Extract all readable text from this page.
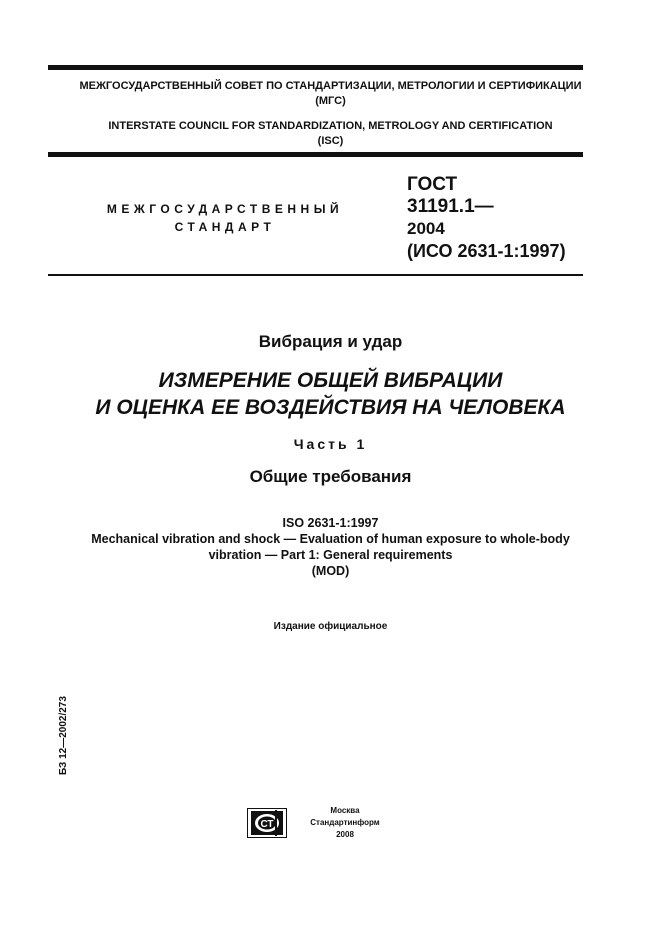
МЕЖГОСУДАРСТВЕННЫЙ СОВЕТ ПО СТАНДАРТИЗАЦИИ, МЕТРОЛОГИИ И СЕРТИФИКАЦИИ
(МГС)
INTERSTATE COUNCIL FOR STANDARDIZATION, METROLOGY AND CERTIFICATION
(ISC)
МЕЖГОСУДАРСТВЕННЫЙ
СТАНДАРТ
ГОСТ
31191.1—
2004
(ИСО 2631-1:1997)
Вибрация и удар
ИЗМЕРЕНИЕ ОБЩЕЙ ВИБРАЦИИ
И ОЦЕНКА ЕЕ ВОЗДЕЙСТВИЯ НА ЧЕЛОВЕКА
Часть 1
Общие требования
ISO 2631-1:1997
Mechanical vibration and shock — Evaluation of human exposure to whole-body
vibration — Part 1: General requirements
(MOD)
Издание официальное
БЗ 12—2002/273
СТ
Москва
Стандартинформ
2008
